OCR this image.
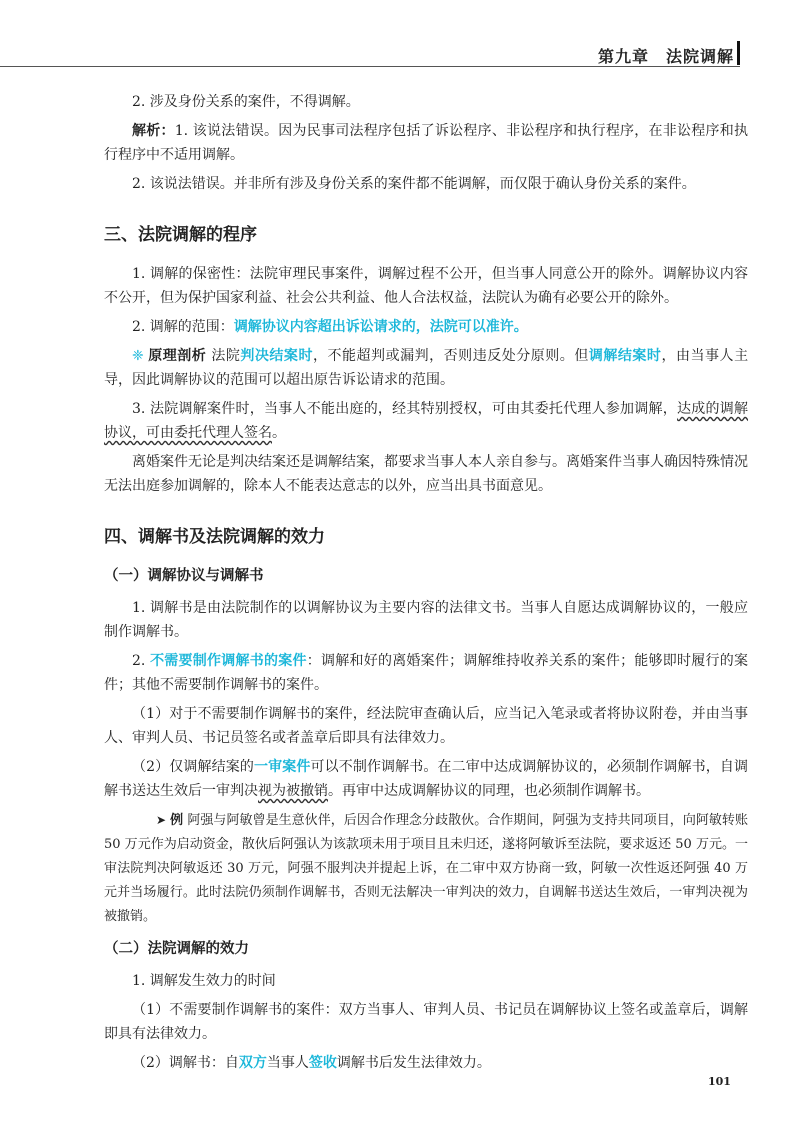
第九章　法院调解

2. 涉及身份关系的案件，不得调解。

解析：1. 该说法错误。因为民事司法程序包括了诉讼程序、非讼程序和执行程序，在非讼程序和执行程序中不适用调解。

2. 该说法错误。并非所有涉及身份关系的案件都不能调解，而仅限于确认身份关系的案件。

三、法院调解的程序

1. 调解的保密性：法院审理民事案件，调解过程不公开，但当事人同意公开的除外。调解协议内容不公开，但为保护国家利益、社会公共利益、他人合法权益，法院认为确有必要公开的除外。

2. 调解的范围：调解协议内容超出诉讼请求的，法院可以准许。

❈ 原理剖析 法院判决结案时，不能超判或漏判，否则违反处分原则。但调解结案时，由当事人主导，因此调解协议的范围可以超出原告诉讼请求的范围。

3. 法院调解案件时，当事人不能出庭的，经其特别授权，可由其委托代理人参加调解，达成的调解协议，可由委托代理人签名。

离婚案件无论是判决结案还是调解结案，都要求当事人本人亲自参与。离婚案件当事人确因特殊情况无法出庭参加调解的，除本人不能表达意志的以外，应当出具书面意见。

四、调解书及法院调解的效力
（一）调解协议与调解书

1. 调解书是由法院制作的以调解协议为主要内容的法律文书。当事人自愿达成调解协议的，一般应制作调解书。

2. 不需要制作调解书的案件：调解和好的离婚案件；调解维持收养关系的案件；能够即时履行的案件；其他不需要制作调解书的案件。

（1）对于不需要制作调解书的案件，经法院审查确认后，应当记入笔录或者将协议附卷，并由当事人、审判人员、书记员签名或者盖章后即具有法律效力。

（2）仅调解结案的一审案件可以不制作调解书。在二审中达成调解协议的，必须制作调解书，自调解书送达生效后一审判决视为被撤销。再审中达成调解协议的同理，也必须制作调解书。

➤ 例 阿强与阿敏曾是生意伙伴，后因合作理念分歧散伙。合作期间，阿强为支持共同项目，向阿敏转账 50 万元作为启动资金，散伙后阿强认为该款项未用于项目且未归还，遂将阿敏诉至法院，要求返还 50 万元。一审法院判决阿敏返还 30 万元，阿强不服判决并提起上诉，在二审中双方协商一致，阿敏一次性返还阿强 40 万元并当场履行。此时法院仍须制作调解书，否则无法解决一审判决的效力，自调解书送达生效后，一审判决视为被撤销。

（二）法院调解的效力

1. 调解发生效力的时间

（1）不需要制作调解书的案件：双方当事人、审判人员、书记员在调解协议上签名或盖章后，调解即具有法律效力。

（2）调解书：自双方当事人签收调解书后发生法律效力。

101
